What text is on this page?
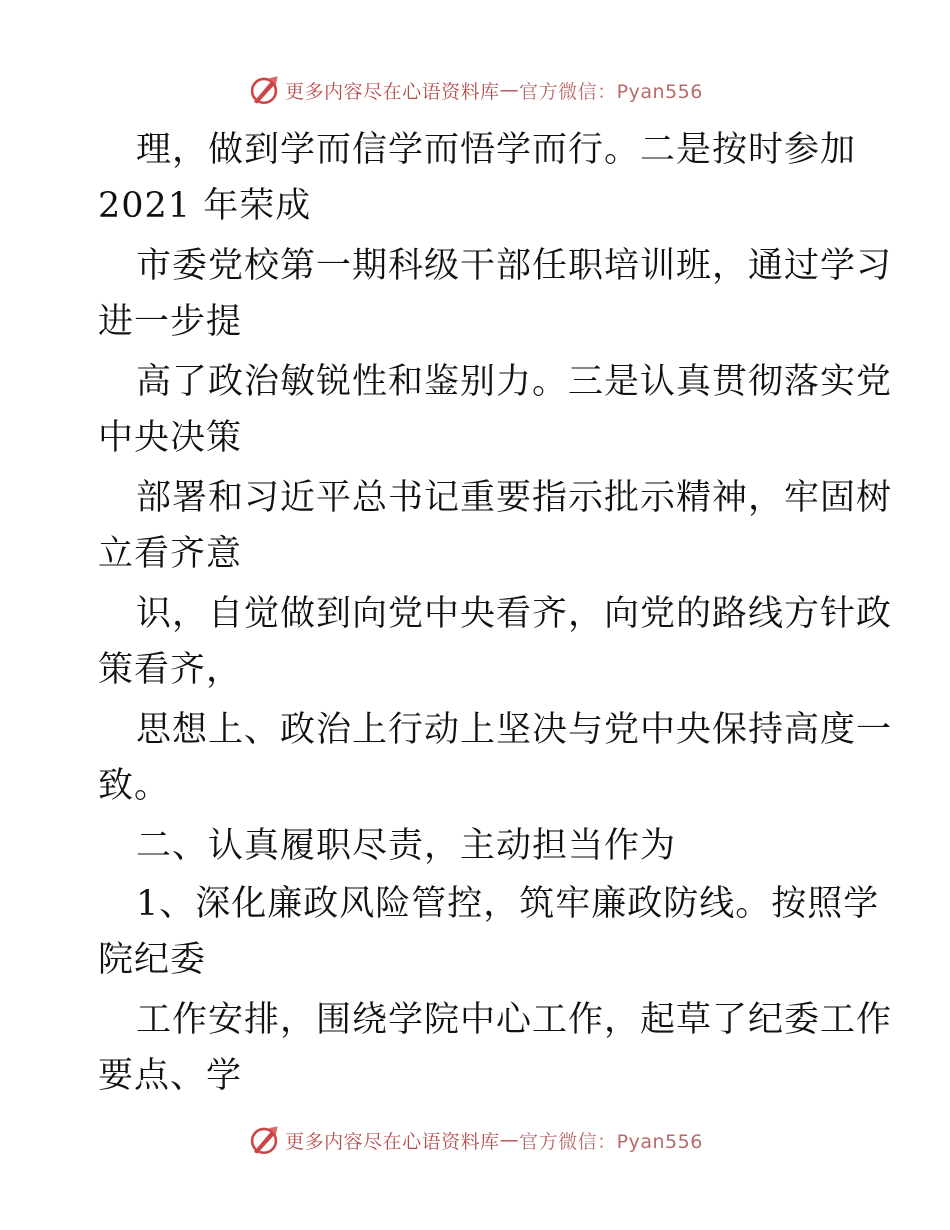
更多内容尽在心语资料库 — 官方微信：Pyan556
理，做到学而信学而悟学而行。二是按时参加
2021 年荣成
市委党校第一期科级干部任职培训班，通过学习
进一步提
高了政治敏锐性和鉴别力。三是认真贯彻落实党
中央决策
部署和习近平总书记重要指示批示精神，牢固树
立看齐意
识，自觉做到向党中央看齐，向党的路线方针政
策看齐，
思想上、政治上行动上坚决与党中央保持高度一
致。
二、认真履职尽责，主动担当作为
1、深化廉政风险管控，筑牢廉政防线。按照学
院纪委
工作安排，围绕学院中心工作，起草了纪委工作
要点、学
更多内容尽在心语资料库 — 官方微信：Pyan556
